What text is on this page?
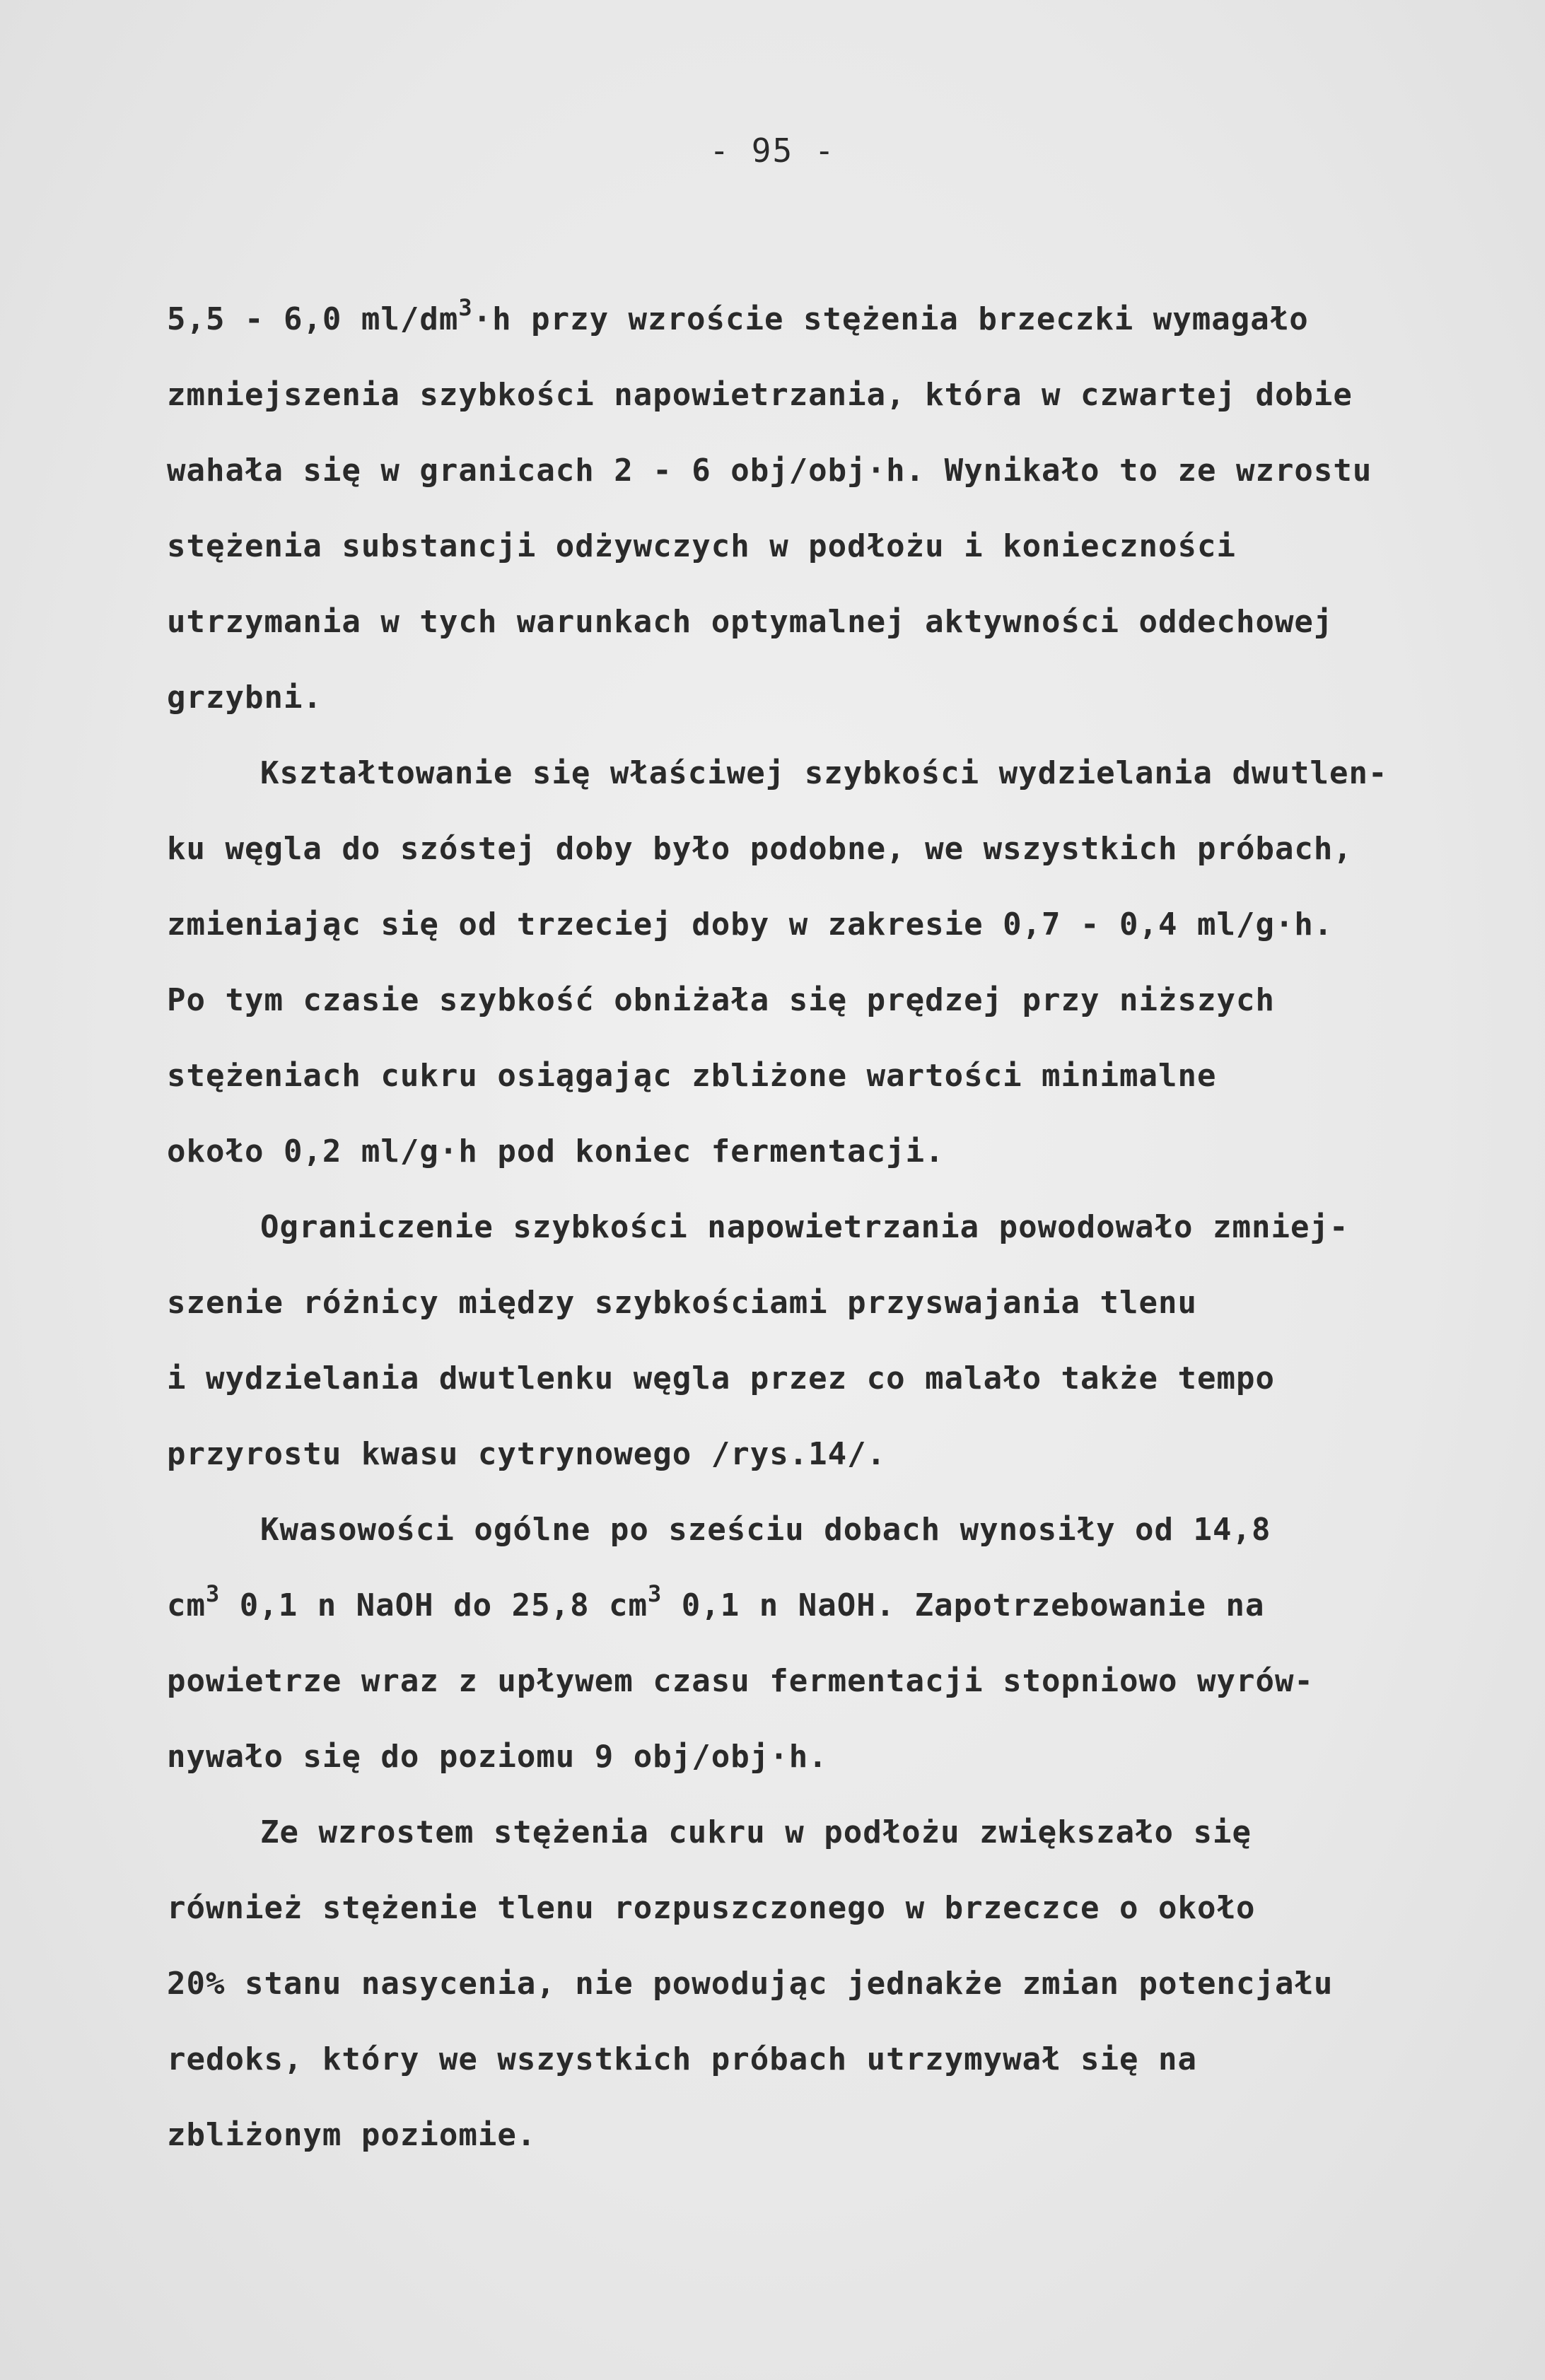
- 95 -
5,5 - 6,0 $ml/dm^3\cdot h$ przy wzroście stężenia brzeczki wymagało
zmniejszenia szybkości napowietrzania, która w czwartej dobie
wahała się w granicach 2 - 6 obj/obj·h. Wynikało to ze wzrostu
stężenia substancji odżywczych w podłożu i konieczności
utrzymania w tych warunkach optymalnej aktywności oddechowej
grzybni.
Kształtowanie się właściwej szybkości wydzielania dwutlen-
ku węgla do szóstej doby było podobne, we wszystkich próbach,
zmieniając się od trzeciej doby w zakresie 0,7 - 0,4 ml/g·h.
Po tym czasie szybkość obniżała się prędzej przy niższych
stężeniach cukru osiągając zbliżone wartości minimalne
około 0,2 ml/g·h pod koniec fermentacji.
Ograniczenie szybkości napowietrzania powodowało zmniej-
szenie różnicy między szybkościami przyswajania tlenu
i wydzielania dwutlenku węgla przez co malało także tempo
przyrostu kwasu cytrynowego /rys.14/.
Kwasowości ogólne po sześciu dobach wynosiły od 14,8
$cm^3$ 0,1 n NaOH do 25,8 $cm^3$ 0,1 n NaOH. Zapotrzebowanie na
powietrze wraz z upływem czasu fermentacji stopniowo wyrów-
nywało się do poziomu 9 obj/obj·h.
Ze wzrostem stężenia cukru w podłożu zwiększało się
również stężenie tlenu rozpuszczonego w brzeczce o około
20% stanu nasycenia, nie powodując jednakże zmian potencjału
redoks, który we wszystkich próbach utrzymywał się na
zbliżonym poziomie.
